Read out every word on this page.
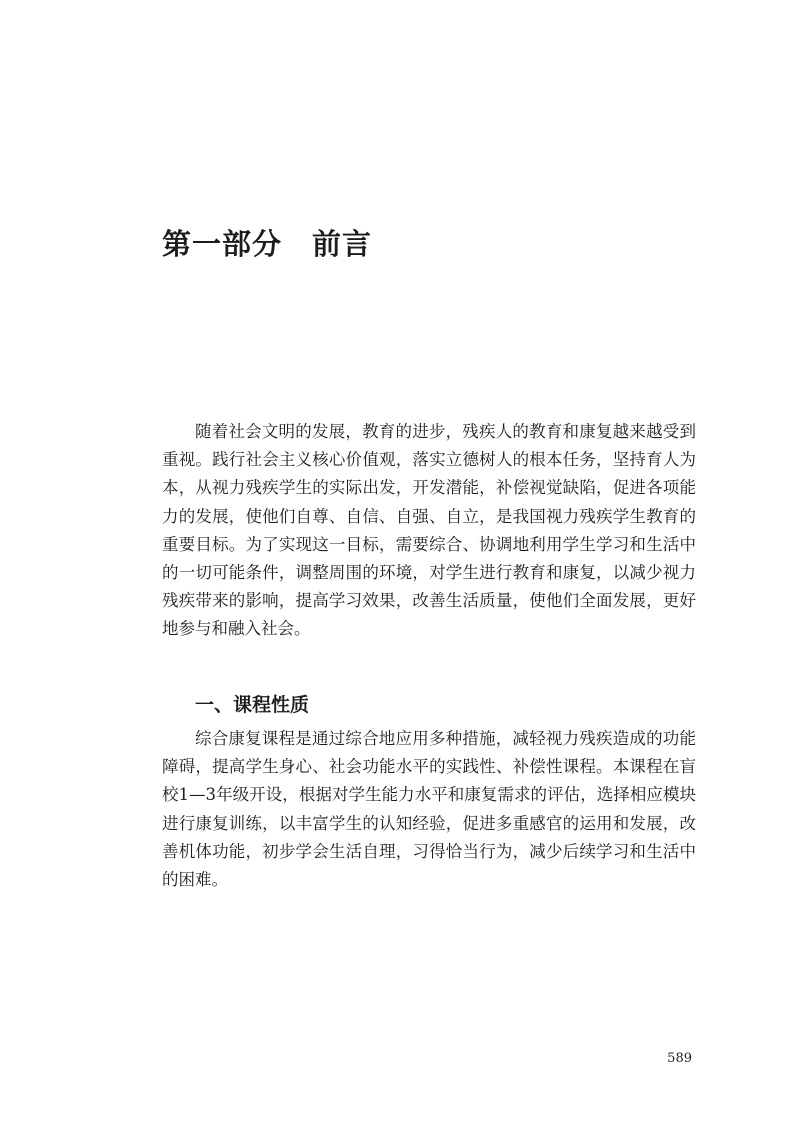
第一部分　前言

随着社会文明的发展，教育的进步，残疾人的教育和康复越来越受到重视。践行社会主义核心价值观，落实立德树人的根本任务，坚持育人为本，从视力残疾学生的实际出发，开发潜能，补偿视觉缺陷，促进各项能力的发展，使他们自尊、自信、自强、自立，是我国视力残疾学生教育的重要目标。为了实现这一目标，需要综合、协调地利用学生学习和生活中的一切可能条件，调整周围的环境，对学生进行教育和康复，以减少视力残疾带来的影响，提高学习效果，改善生活质量，使他们全面发展，更好地参与和融入社会。

一、课程性质

综合康复课程是通过综合地应用多种措施，减轻视力残疾造成的功能障碍，提高学生身心、社会功能水平的实践性、补偿性课程。本课程在盲校1—3年级开设，根据对学生能力水平和康复需求的评估，选择相应模块进行康复训练，以丰富学生的认知经验，促进多重感官的运用和发展，改善机体功能，初步学会生活自理，习得恰当行为，减少后续学习和生活中的困难。

589
